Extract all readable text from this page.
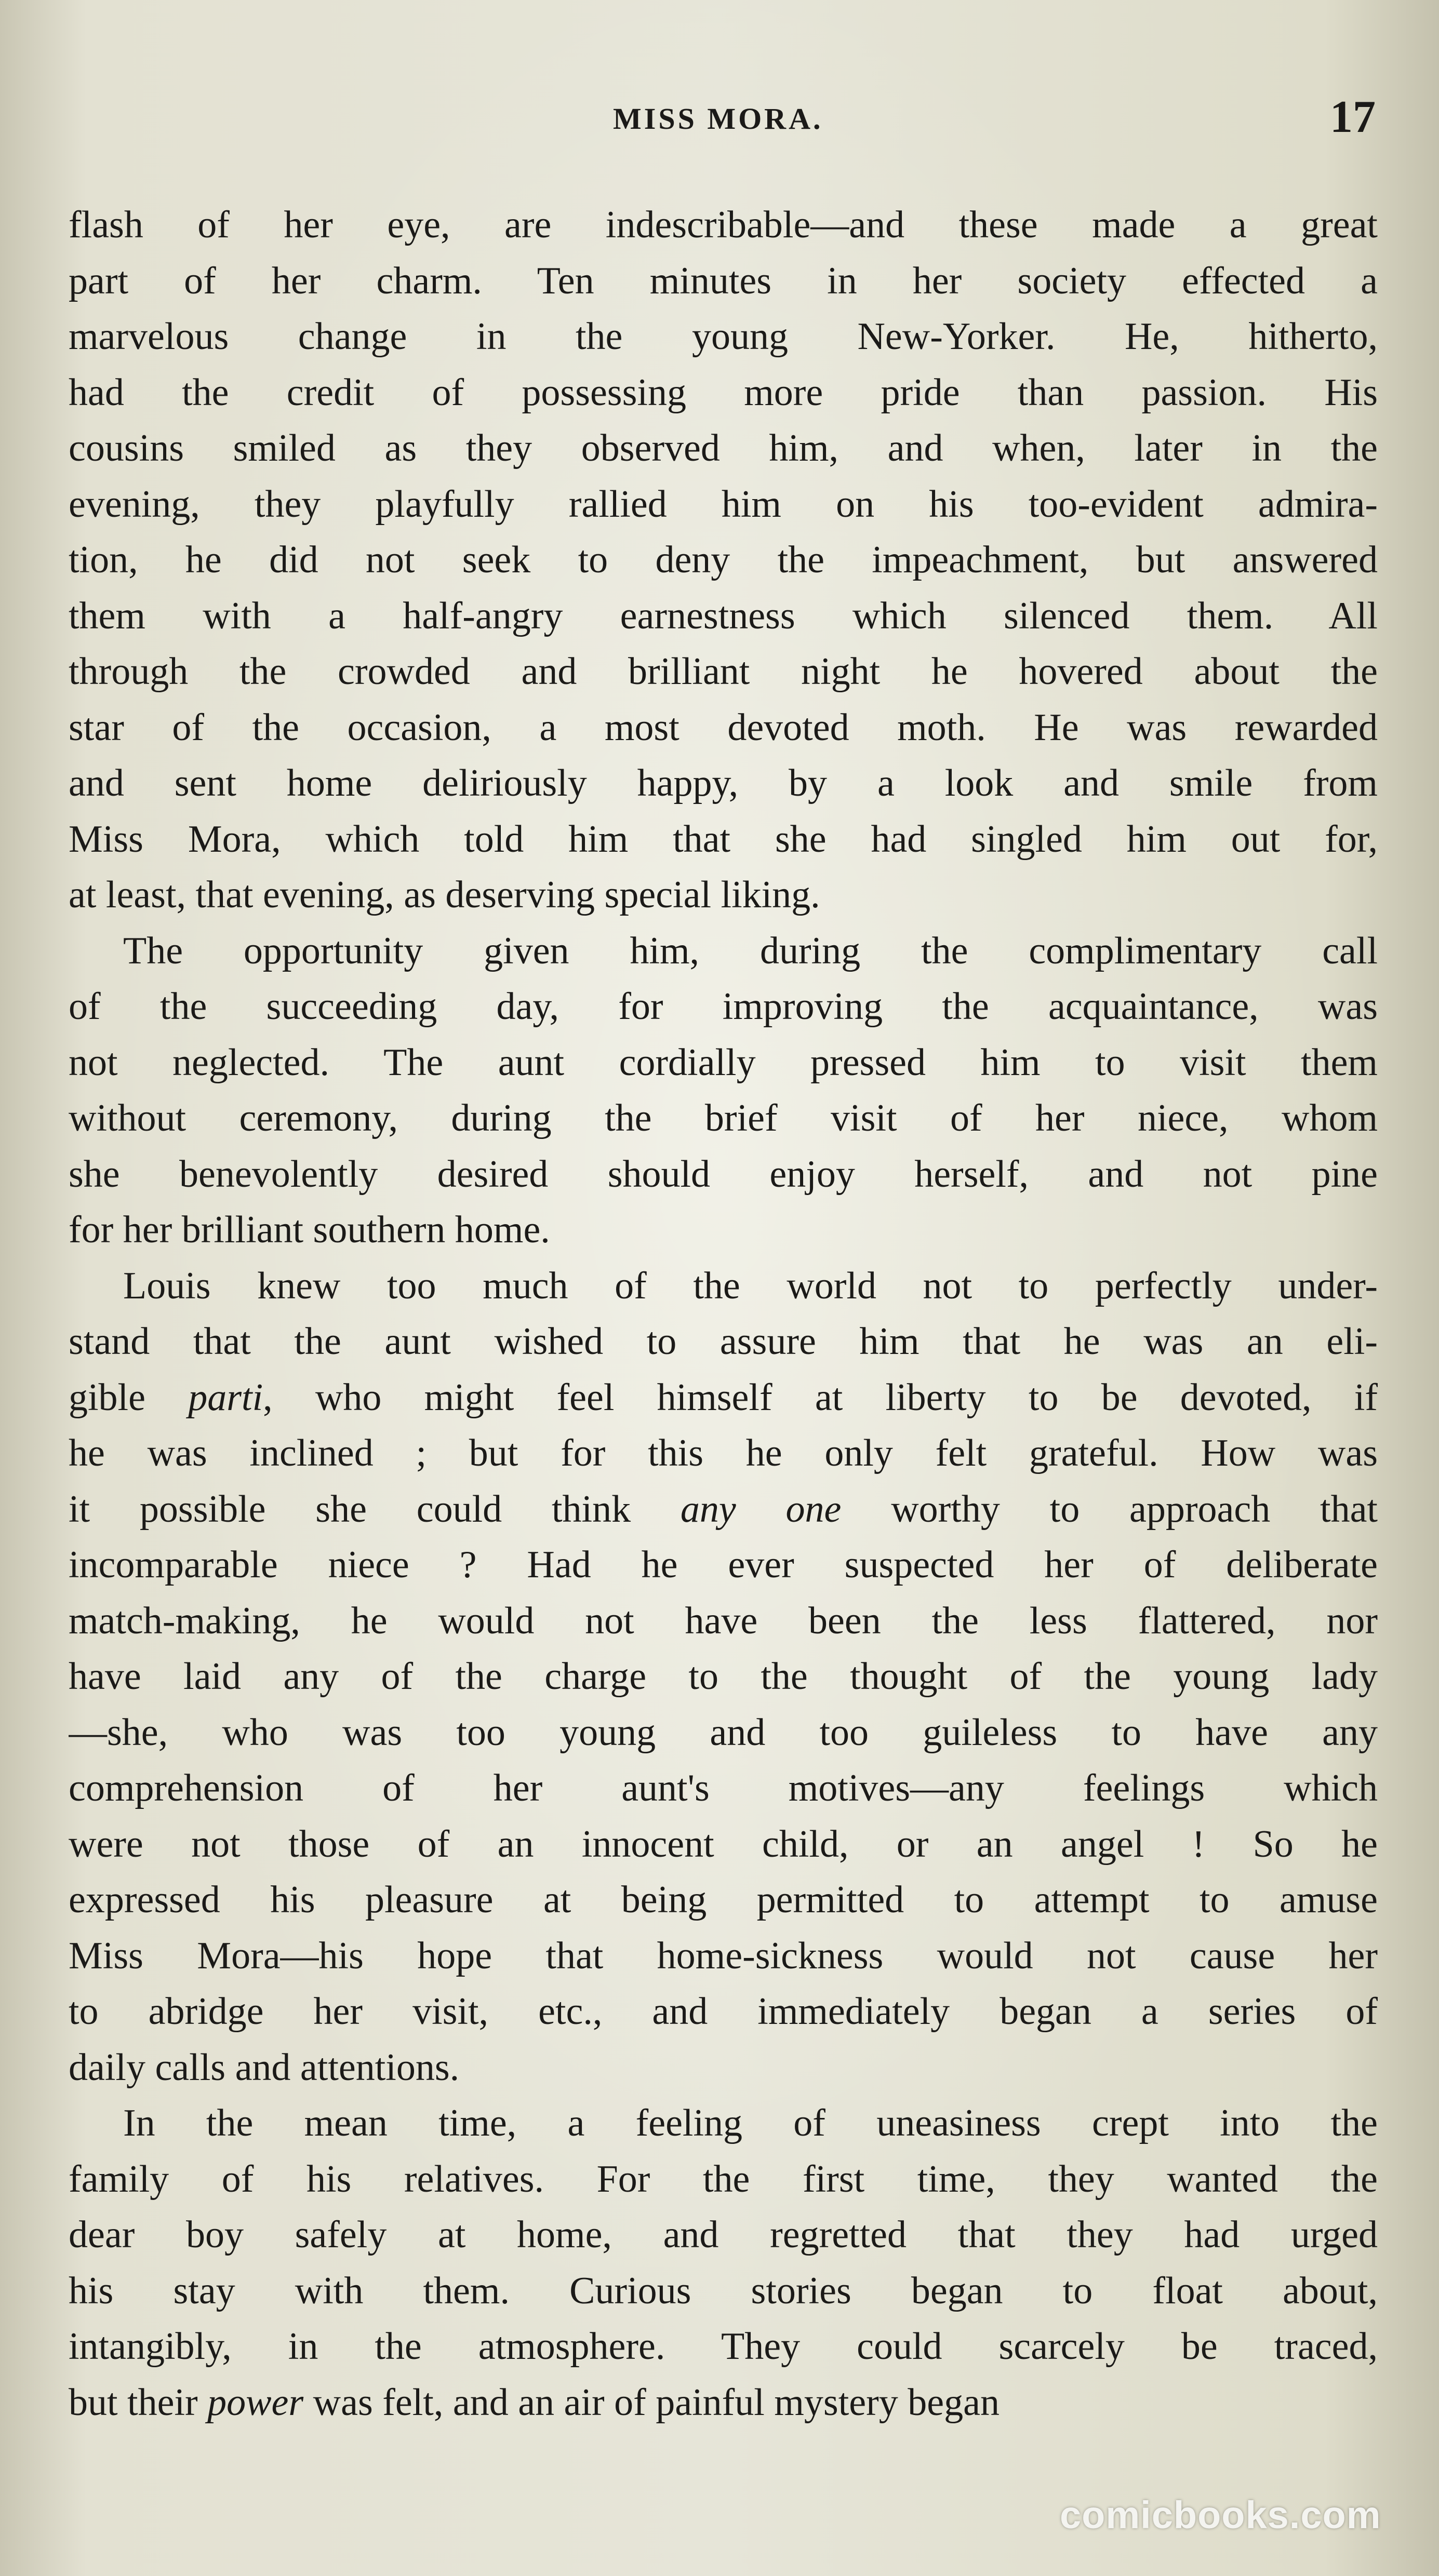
MISS MORA.	17
flash of her eye, are indescribable—and these made a great
part of her charm. Ten minutes in her society effected a
marvelous change in the young New-Yorker. He, hitherto,
had the credit of possessing more pride than passion. His
cousins smiled as they observed him, and when, later in the
evening, they playfully rallied him on his too-evident admira-
tion, he did not seek to deny the impeachment, but answered
them with a half-angry earnestness which silenced them. All
through the crowded and brilliant night he hovered about the
star of the occasion, a most devoted moth. He was rewarded
and sent home deliriously happy, by a look and smile from
Miss Mora, which told him that she had singled him out for,
at least, that evening, as deserving special liking.
The opportunity given him, during the complimentary call
of the succeeding day, for improving the acquaintance, was
not neglected. The aunt cordially pressed him to visit them
without ceremony, during the brief visit of her niece, whom
she benevolently desired should enjoy herself, and not pine
for her brilliant southern home.
Louis knew too much of the world not to perfectly under-
stand that the aunt wished to assure him that he was an eli-
gible parti, who might feel himself at liberty to be devoted, if
he was inclined ; but for this he only felt grateful. How was
it possible she could think any one worthy to approach that
incomparable niece ? Had he ever suspected her of deliberate
match-making, he would not have been the less flattered, nor
have laid any of the charge to the thought of the young lady
—she, who was too young and too guileless to have any
comprehension of her aunt's motives—any feelings which
were not those of an innocent child, or an angel ! So he
expressed his pleasure at being permitted to attempt to amuse
Miss Mora—his hope that home-sickness would not cause her
to abridge her visit, etc., and immediately began a series of
daily calls and attentions.
In the mean time, a feeling of uneasiness crept into the
family of his relatives. For the first time, they wanted the
dear boy safely at home, and regretted that they had urged
his stay with them. Curious stories began to float about,
intangibly, in the atmosphere. They could scarcely be traced,
but their power was felt, and an air of painful mystery began
comicbooks.com
